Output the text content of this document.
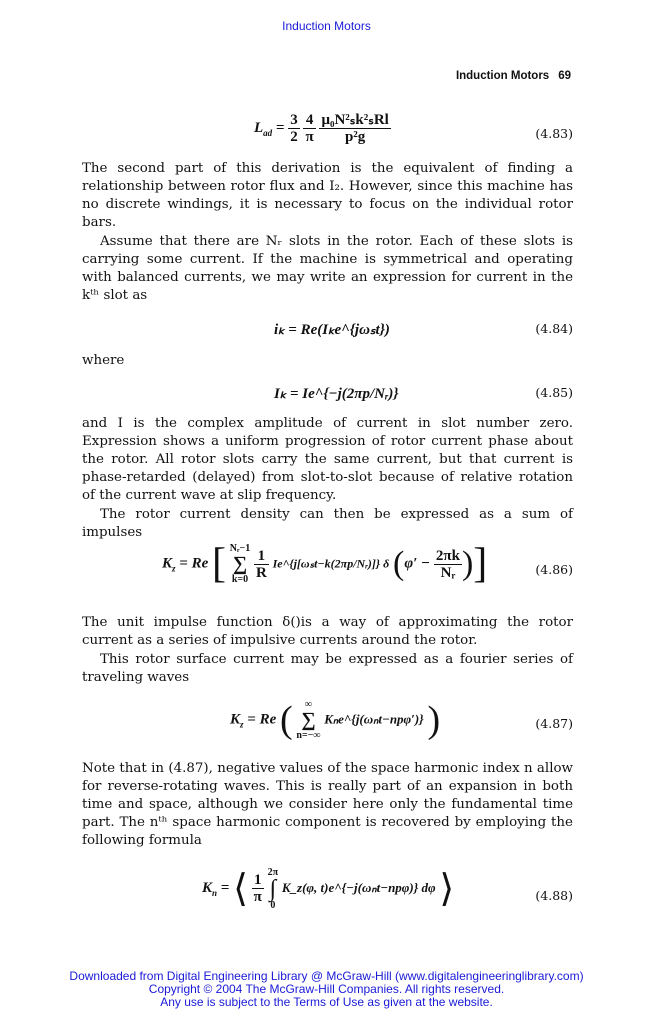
Induction Motors
Induction Motors 69
$L_{ad} = \frac{3}{2}$
$\frac{4}{\pi}$
$\frac{\text{μ₀N²ₛk²ₛRl}}{\text{p²g}}$	(4.83)
The second part of this derivation is the equivalent of finding a relationship between rotor flux and I₂. However, since this machine has no discrete windings, it is necessary to focus on the individual rotor bars.
Assume that there are Nᵣ slots in the rotor. Each of these slots is carrying some current. If the machine is symmetrical and operating with balanced currents, we may write an expression for current in the kᵗʰ slot as
iₖ = Re(Iₖe^{jωₛt})	(4.84)
where
Iₖ = Ie^{−j(2πp/Nᵣ)}	(4.85)
and I is the complex amplitude of current in slot number zero. Expression shows a uniform progression of rotor current phase about the rotor. All rotor slots carry the same current, but that current is phase-retarded (delayed) from slot-to-slot because of relative rotation of the current wave at slip frequency.
The rotor current density can then be expressed as a sum of impulses
$K_z = Re$ [ Nᵣ−1
∑
$k=0 \frac{1}{R}$ Ie^{j[ωₛt−k(2πp/Nᵣ)]} δ ($\varphi' - \frac{2\pi k}{\text{Nᵣ}}$ )]	(4.86)
The unit impulse function δ()is a way of approximating the rotor current as a series of impulsive currents around the rotor.
This rotor surface current may be expressed as a fourier series of traveling waves
$K_z = Re$ ( ∞
∑
n=−∞ Kₙe^{j(ωₙt−npφ′)} )	(4.87)
Note that in (4.87), negative values of the space harmonic index n allow for reverse-rotating waves. This is really part of an expansion in both time and space, although we consider here only the fundamental time part. The nᵗʰ space harmonic component is recovered by employing the following formula
$K_n$ = ⟨ $\frac{1}{\pi} 2\pi$
∫
0 K_z(φ, t)e^{−j(ωₙt−npφ)} dφ ⟩	(4.88)
Downloaded from Digital Engineering Library @ McGraw-Hill (www.digitalengineeringlibrary.com)
Copyright © 2004 The McGraw-Hill Companies. All rights reserved.
Any use is subject to the Terms of Use as given at the website.
